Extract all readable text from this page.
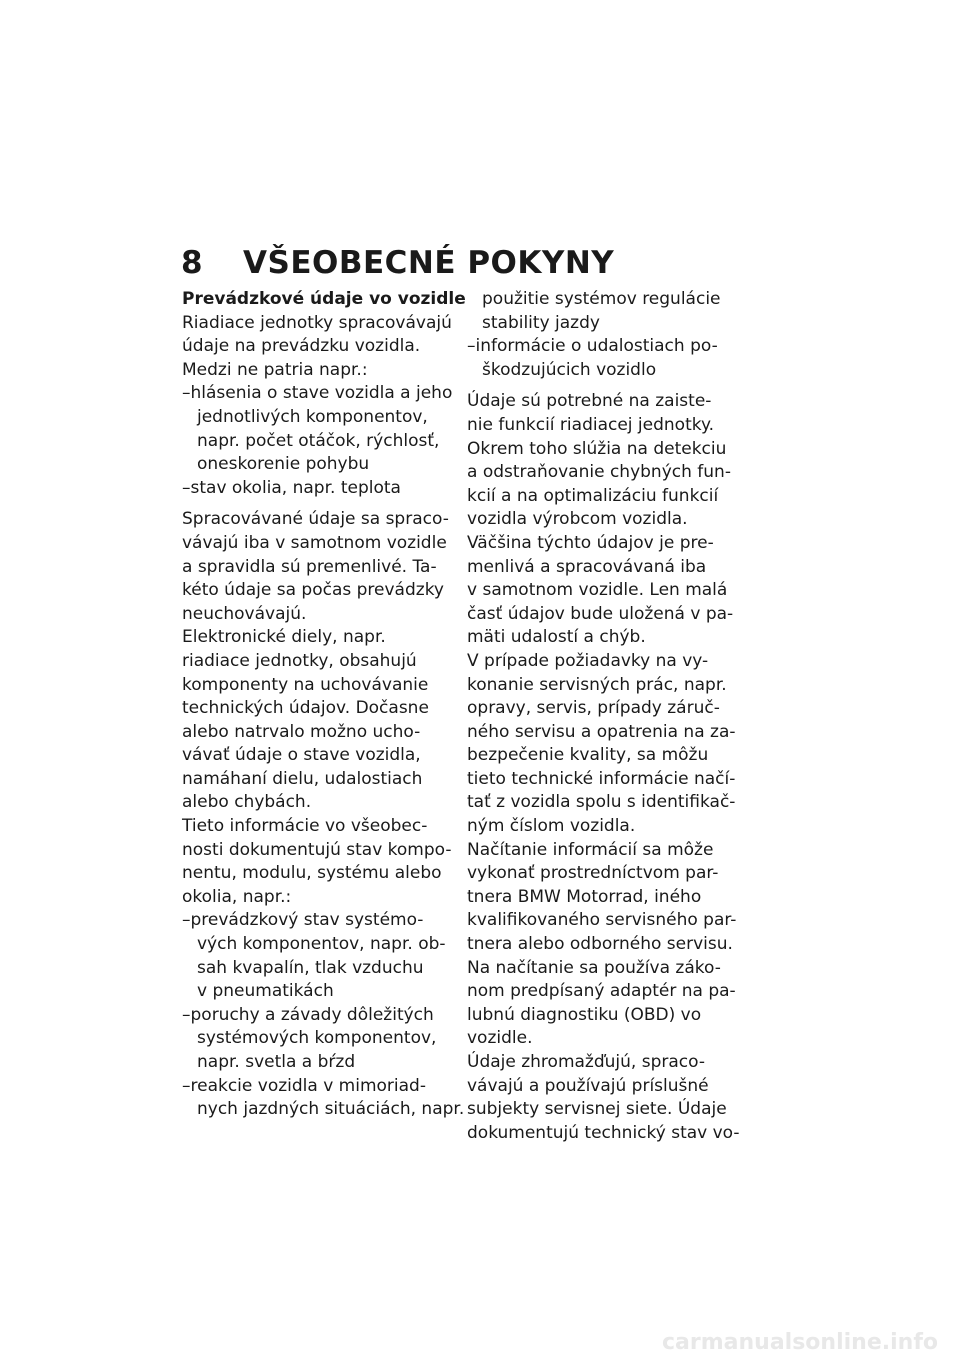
8 VŠEOBECNÉ POKYNY
Prevádzkové údaje vo vozidle
Riadiace jednotky spracovávajú
údaje na prevádzku vozidla.
Medzi ne patria napr.:
–hlásenia o stave vozidla a jeho
jednotlivých komponentov,
napr. počet otáčok, rýchlosť,
oneskorenie pohybu
–stav okolia, napr. teplota
Spracovávané údaje sa spraco-
vávajú iba v samotnom vozidle
a spravidla sú premenlivé. Ta-
kéto údaje sa počas prevádzky
neuchovávajú.
Elektronické diely, napr.
riadiace jednotky, obsahujú
komponenty na uchovávanie
technických údajov. Dočasne
alebo natrvalo možno ucho-
vávať údaje o stave vozidla,
namáhaní dielu, udalostiach
alebo chybách.
Tieto informácie vo všeobec-
nosti dokumentujú stav kompo-
nentu, modulu, systému alebo
okolia, napr.:
–prevádzkový stav systémo-
vých komponentov, napr. ob-
sah kvapalín, tlak vzduchu
v pneumatikách
–poruchy a závady dôležitých
systémových komponentov,
napr. svetla a bŕzd
–reakcie vozidla v mimoriad-
nych jazdných situáciách, napr.
použitie systémov regulácie
stability jazdy
–informácie o udalostiach po-
škodzujúcich vozidlo
Údaje sú potrebné na zaiste-
nie funkcií riadiacej jednotky.
Okrem toho slúžia na detekciu
a odstraňovanie chybných fun-
kcií a na optimalizáciu funkcií
vozidla výrobcom vozidla.
Väčšina týchto údajov je pre-
menlivá a spracovávaná iba
v samotnom vozidle. Len malá
časť údajov bude uložená v pa-
mäti udalostí a chýb.
V prípade požiadavky na vy-
konanie servisných prác, napr.
opravy, servis, prípady záruč-
ného servisu a opatrenia na za-
bezpečenie kvality, sa môžu
tieto technické informácie načí-
tať z vozidla spolu s identifikač-
ným číslom vozidla.
Načítanie informácií sa môže
vykonať prostredníctvom par-
tnera BMW Motorrad, iného
kvalifikovaného servisného par-
tnera alebo odborného servisu.
Na načítanie sa používa záko-
nom predpísaný adaptér na pa-
lubnú diagnostiku (OBD) vo
vozidle.
Údaje zhromažďujú, spraco-
vávajú a používajú príslušné
subjekty servisnej siete. Údaje
dokumentujú technický stav vo-
carmanualsonline.info
